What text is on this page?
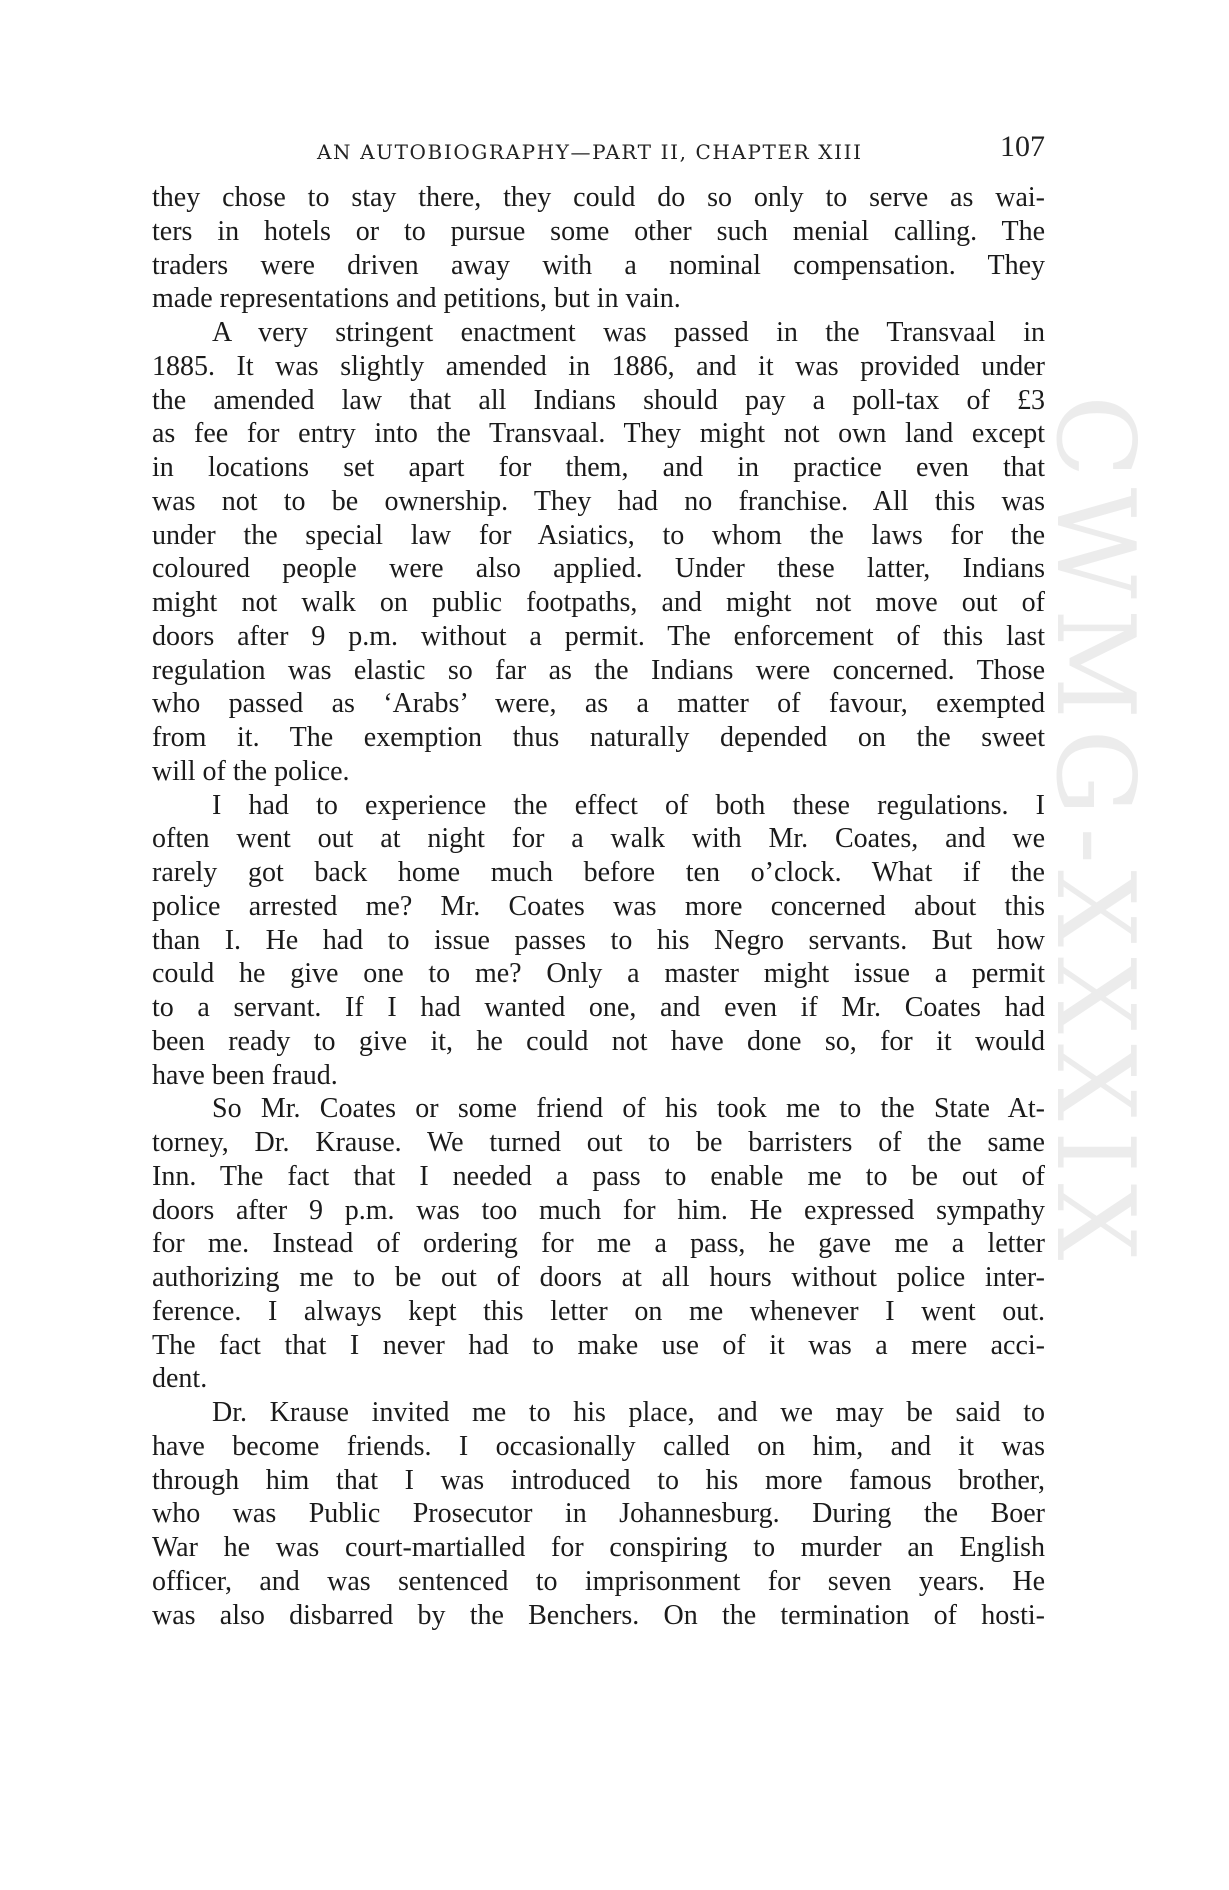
CWMG-XXXIX
AN AUTOBIOGRAPHY—PART II, CHAPTER XIII	107
they chose to stay there, they could do so only to serve as wai-
ters in hotels or to pursue some other such menial calling. The
traders were driven away with a nominal compensation. They
made representations and petitions, but in vain.
A very stringent enactment was passed in the Transvaal in
1885. It was slightly amended in 1886, and it was provided under
the amended law that all Indians should pay a poll-tax of £3
as fee for entry into the Transvaal. They might not own land except
in locations set apart for them, and in practice even that
was not to be ownership. They had no franchise. All this was
under the special law for Asiatics, to whom the laws for the
coloured people were also applied. Under these latter, Indians
might not walk on public footpaths, and might not move out of
doors after 9 p.m. without a permit. The enforcement of this last
regulation was elastic so far as the Indians were concerned. Those
who passed as ‘Arabs’ were, as a matter of favour, exempted
from it. The exemption thus naturally depended on the sweet
will of the police.
I had to experience the effect of both these regulations. I
often went out at night for a walk with Mr. Coates, and we
rarely got back home much before ten o’clock. What if the
police arrested me? Mr. Coates was more concerned about this
than I. He had to issue passes to his Negro servants. But how
could he give one to me? Only a master might issue a permit
to a servant. If I had wanted one, and even if Mr. Coates had
been ready to give it, he could not have done so, for it would
have been fraud.
So Mr. Coates or some friend of his took me to the State At-
torney, Dr. Krause. We turned out to be barristers of the same
Inn. The fact that I needed a pass to enable me to be out of
doors after 9 p.m. was too much for him. He expressed sympathy
for me. Instead of ordering for me a pass, he gave me a letter
authorizing me to be out of doors at all hours without police inter-
ference. I always kept this letter on me whenever I went out.
The fact that I never had to make use of it was a mere acci-
dent.
Dr. Krause invited me to his place, and we may be said to
have become friends. I occasionally called on him, and it was
through him that I was introduced to his more famous brother,
who was Public Prosecutor in Johannesburg. During the Boer
War he was court-martialled for conspiring to murder an English
officer, and was sentenced to imprisonment for seven years. He
was also disbarred by the Benchers. On the termination of hosti-
